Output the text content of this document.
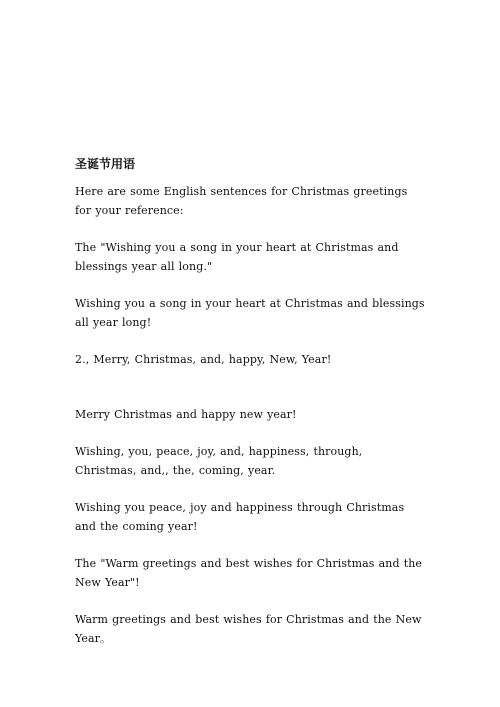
圣诞节用语

Here are some English sentences for Christmas greetings for your reference:

The "Wishing you a song in your heart at Christmas and blessings year all long."

Wishing you a song in your heart at Christmas and blessings all year long!

2., Merry, Christmas, and, happy, New, Year!

Merry Christmas and happy new year!

Wishing, you, peace, joy, and, happiness, through, Christmas, and,, the, coming, year.

Wishing you peace, joy and happiness through Christmas and the coming year!

The "Warm greetings and best wishes for Christmas and the New Year"!

Warm greetings and best wishes for Christmas and the New Year。
